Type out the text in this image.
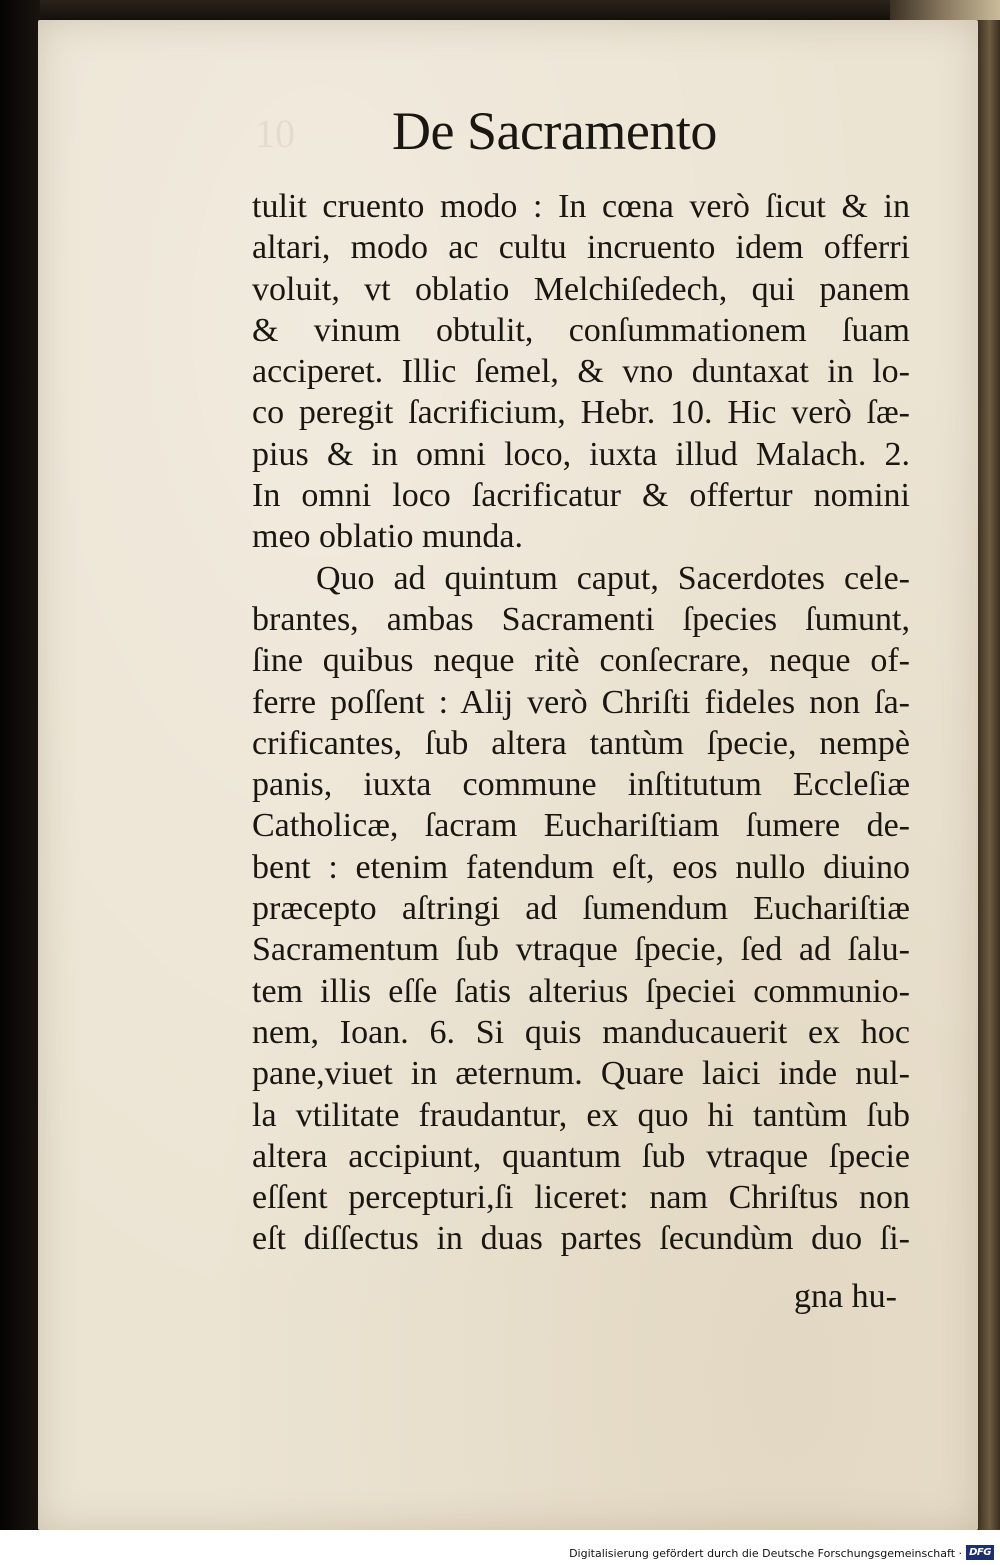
10 De Sacramento
tulit cruento modo : In cœna verò ſicut & in
altari, modo ac cultu incruento idem offerri
voluit, vt oblatio Melchiſedech, qui panem
& vinum obtulit, conſummationem ſuam
acciperet. Illic ſemel, & vno duntaxat in lo-
co peregit ſacrificium, Hebr. 10. Hic verò ſæ-
pius & in omni loco, iuxta illud Malach. 2.
In omni loco ſacrificatur & offertur nomini
meo oblatio munda.
Quo ad quintum caput, Sacerdotes cele-
brantes, ambas Sacramenti ſpecies ſumunt,
ſine quibus neque ritè conſecrare, neque of-
ferre poſſent : Alij verò Chriſti fideles non ſa-
crificantes, ſub altera tantùm ſpecie, nempè
panis, iuxta commune inſtitutum Eccleſiæ
Catholicæ, ſacram Euchariſtiam ſumere de-
bent : etenim fatendum eſt, eos nullo diuino
præcepto aſtringi ad ſumendum Euchariſtiæ
Sacramentum ſub vtraque ſpecie, ſed ad ſalu-
tem illis eſſe ſatis alterius ſpeciei communio-
nem, Ioan. 6. Si quis manducauerit ex hoc
pane,viuet in æternum. Quare laici inde nul-
la vtilitate fraudantur, ex quo hi tantùm ſub
altera accipiunt, quantum ſub vtraque ſpecie
eſſent percepturi,ſi liceret: nam Chriſtus non
eſt diſſectus in duas partes ſecundùm duo ſi-
gna hu-
Digitalisierung gefördert durch die Deutsche Forschungsgemeinschaft · DFG
